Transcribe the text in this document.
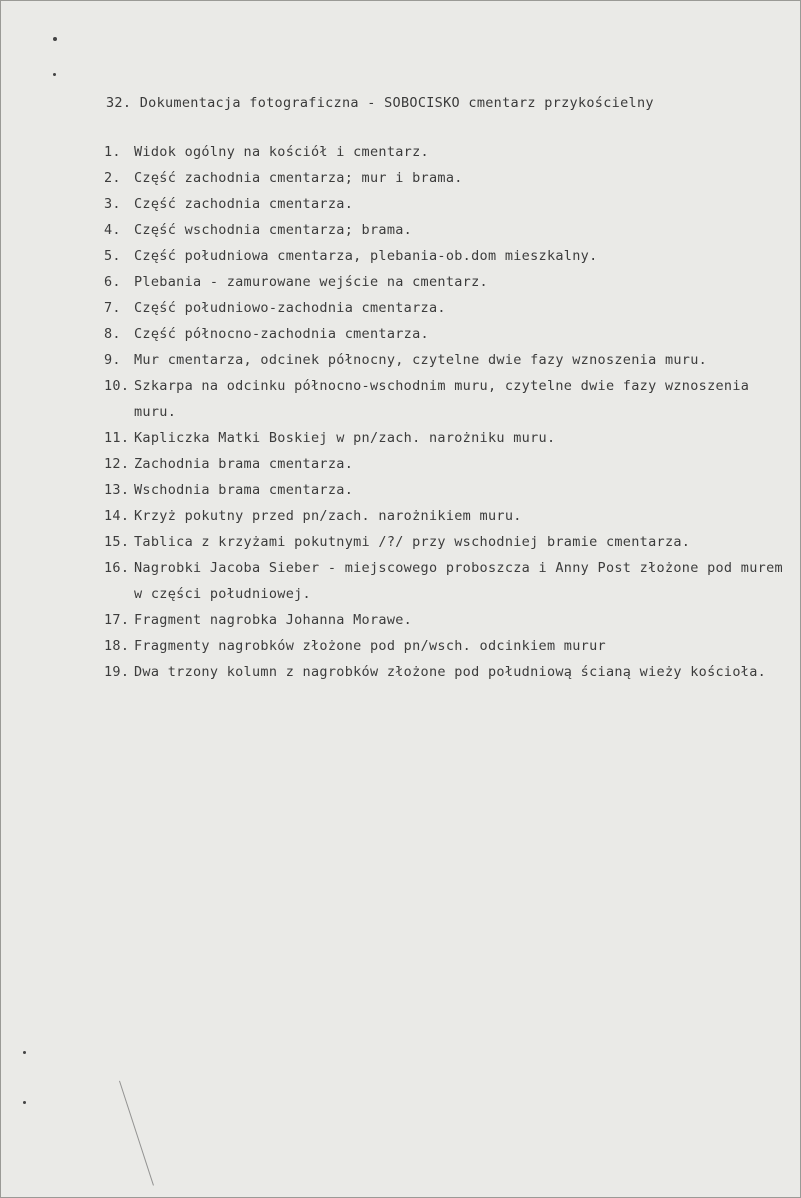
32. Dokumentacja fotograficzna - SOBOCISKO cmentarz przykościelny
1. Widok ogólny na kościół i cmentarz.
2. Część zachodnia cmentarza; mur i brama.
3. Część zachodnia cmentarza.
4. Część wschodnia cmentarza; brama.
5. Część południowa cmentarza, plebania-ob.dom mieszkalny.
6. Plebania - zamurowane wejście na cmentarz.
7. Część południowo-zachodnia cmentarza.
8. Część północno-zachodnia cmentarza.
9. Mur cmentarza, odcinek północny, czytelne dwie fazy wznoszenia muru.
10. Szkarpa na odcinku północno-wschodnim muru, czytelne dwie fazy wznoszenia muru.
11. Kapliczka Matki Boskiej w pn/zach. narożniku muru.
12. Zachodnia brama cmentarza.
13. Wschodnia brama cmentarza.
14. Krzyż pokutny przed pn/zach. narożnikiem muru.
15. Tablica z krzyżami pokutnymi /?/ przy wschodniej bramie cmentarza.
16. Nagrobki Jacoba Sieber - miejscowego proboszcza i Anny Post złożone pod murem w części południowej.
17. Fragment nagrobka Johanna Morawe.
18. Fragmenty nagrobków złożone pod pn/wsch. odcinkiem murur
19. Dwa trzony kolumn z nagrobków złożone pod południową ścianą wieży kościoła.
